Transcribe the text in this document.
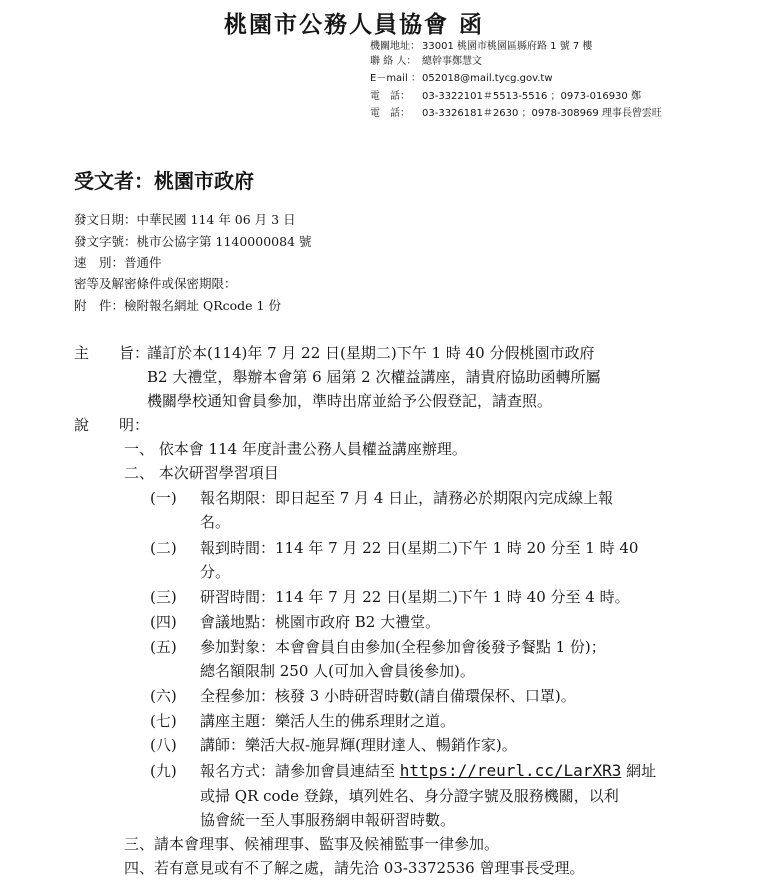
桃園市公務人員協會 函
機關地址： 33001 桃園市桃園區縣府路 1 號 7 樓
聯 絡 人： 總幹事鄭慧文
E－mail ：052018@mail.tycg.gov.tw
電　話： 03-3322101＃5513-5516 ；0973-016930 鄭
電　話： 03-3326181＃2630 ；0978-308969 理事長曾雲旺
受文者：桃園市政府
發文日期：中華民國 114 年 06 月 3 日
發文字號：桃市公協字第 1140000084 號
速　別：普通件
密等及解密條件或保密期限：
附　件：檢附報名網址 QRcode 1 份
主　　旨：
謹訂於本(114)年 7 月 22 日(星期二)下午 1 時 40 分假桃園市政府
B2 大禮堂，舉辦本會第 6 屆第 2 次權益講座，請貴府協助函轉所屬
機關學校通知會員參加，準時出席並給予公假登記，請查照。
說　　明：
一、 依本會 114 年度計畫公務人員權益講座辦理。
二、 本次研習學習項目
(一) 報名期限：即日起至 7 月 4 日止，請務必於期限內完成線上報
名。
(二) 報到時間：114 年 7 月 22 日(星期二)下午 1 時 20 分至 1 時 40
分。
(三) 研習時間：114 年 7 月 22 日(星期二)下午 1 時 40 分至 4 時。
(四) 會議地點：桃園市政府 B2 大禮堂。
(五) 參加對象：本會會員自由參加(全程參加會後發予餐點 1 份)；
總名額限制 250 人(可加入會員後參加)。
(六) 全程參加：核發 3 小時研習時數(請自備環保杯、口罩)。
(七) 講座主題：樂活人生的佛系理財之道。
(八) 講師：樂活大叔-施昇輝(理財達人、暢銷作家)。
(九) 報名方式：請參加會員連結至 https://reurl.cc/LarXR3 網址
或掃 QR code 登錄，填列姓名、身分證字號及服務機關，以利
協會統一至人事服務網申報研習時數。
三、請本會理事、候補理事、監事及候補監事一律參加。
四、若有意見或有不了解之處，請先洽 03-3372536 曾理事長受理。
